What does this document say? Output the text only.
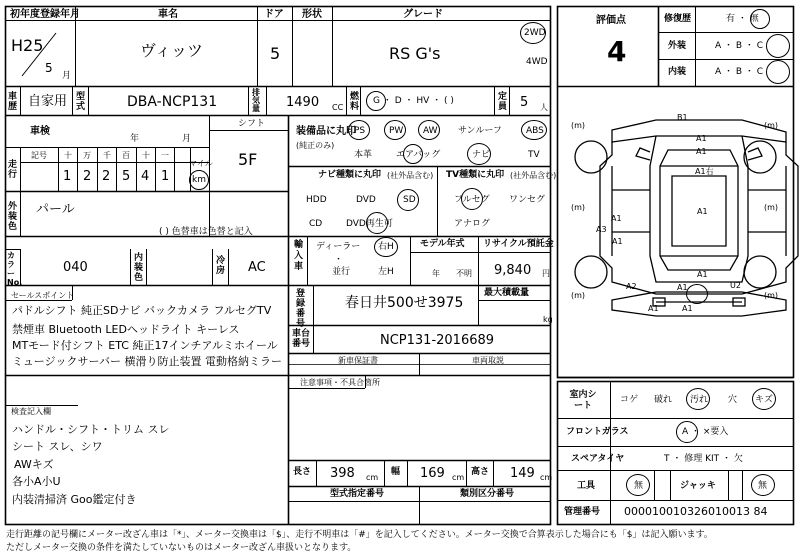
初年度登録年月
H25
5
月
車名
ヴィッツ
ドア
5
形状	グレード
RS G's
2WD
4WD
車歴 自家用 型式	DBA-NCP131
排気量 1490 CC
燃料
G ・ D ・ HV ・ ( )	定員 5 人
車検
年	月
走行
記号 十 万 千 百 十 一
1 2 2 5 4 1
マイル
km
シフト
5F
装備品に丸印
(純正のみ)
PS	PW AW サンルーフ	ABS
本革	エアバッグ	ナビ	TV
ナビ種類に丸印 (社外品含む)
HDD	DVD	SD
CD	DVD再生可
TV種類に丸印 (社外品含む)
フルセグ ワンセグ
アナログ
外装色
パール
( ) 色替車は色替と記入
カラーNo.
040
内装色
冷房 AC
輸入車
ディーラー
・
並行
右H
左H
モデル年式
年 不明
リサイクル預託金
9,840 円
登録番号
春日井500せ3975
最大積載量
kg
車台番号	NCP131-2016689
セールスポイント
パドルシフト 純正SDナビ バックカメラ フルセグTV
禁煙車 Bluetooth LEDヘッドライト キーレス
MTモード付シフト ETC 純正17インチアルミホイール
ミュージックサーバー 横滑り防止装置 電動格納ミラー	新車保証書	車両取説
注意事項・不具合箇所
検査記入欄
ハンドル・シフト・トリム スレ
シート スレ、シワ
AWキズ
各小A小U
内装清掃済 Goo鑑定付き
長さ 398 cm
幅 169 cm
高さ 149 cm
型式指定番号	類別区分番号
評価点
4
修復歴	有 ・ 無
外装	A ・ B ・ C
内装	A ・ B ・ C
B1
A1
A1
A1右
A1
A1
A1
A3
A2
A1
U2
A1
A1	A1
(m)	(m)
(m)	(m)
(m)	(m)
室内シート
コゲ 破れ 汚れ 穴 キズ
フロントガラス	A ・ ×要入
スペアタイヤ	T ・ 修理 KIT ・ 欠
工具	無	ジャッキ	無
管理番号 000010010326010013 84
走行距離の記号欄にメーター改ざん車は「*」、メーター交換車は「$」、走行不明車は「#」を記入してください。メーター交換で合算表示した場合にも「$」は記入願います。
ただしメーター交換の条件を満たしていないものはメーター改ざん車扱いとなります。
